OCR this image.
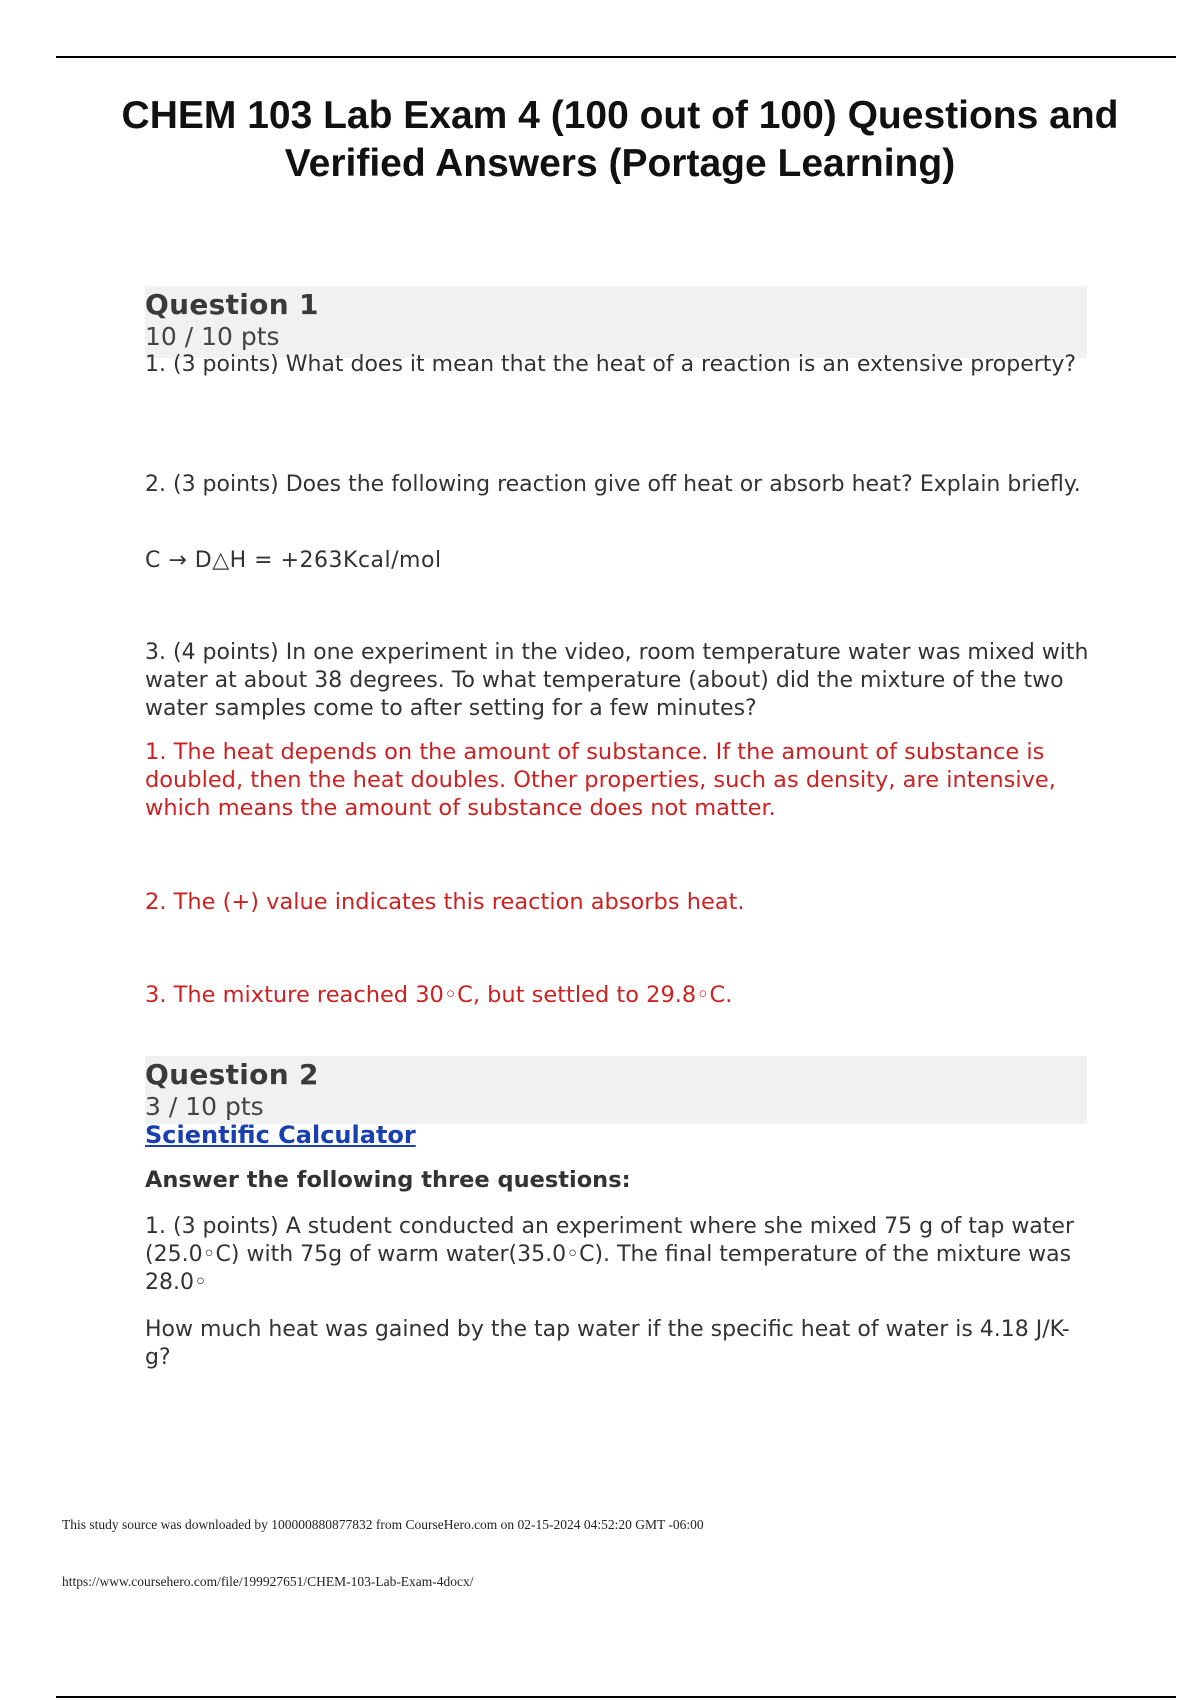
CHEM 103 Lab Exam 4 (100 out of 100) Questions and Verified Answers (Portage Learning)
Question 1
10 / 10 pts

1. (3 points) What does it mean that the heat of a reaction is an extensive property?

2. (3 points) Does the following reaction give off heat or absorb heat? Explain briefly.

C → D△H = +263Kcal/mol

3. (4 points) In one experiment in the video, room temperature water was mixed with water at about 38 degrees. To what temperature (about) did the mixture of the two water samples come to after setting for a few minutes?

1. The heat depends on the amount of substance. If the amount of substance is doubled, then the heat doubles. Other properties, such as density, are intensive, which means the amount of substance does not matter.

2. The (+) value indicates this reaction absorbs heat.

3. The mixture reached 30◦C, but settled to 29.8◦C.

Question 2
3 / 10 pts
Scientific Calculator
Answer the following three questions:

1. (3 points) A student conducted an experiment where she mixed 75 g of tap water (25.0◦C) with 75g of warm water(35.0◦C). The final temperature of the mixture was 28.0◦

How much heat was gained by the tap water if the specific heat of water is 4.18 J/K-g?

This study source was downloaded by 100000880877832 from CourseHero.com on 02-15-2024 04:52:20 GMT -06:00
https://www.coursehero.com/file/199927651/CHEM-103-Lab-Exam-4docx/
